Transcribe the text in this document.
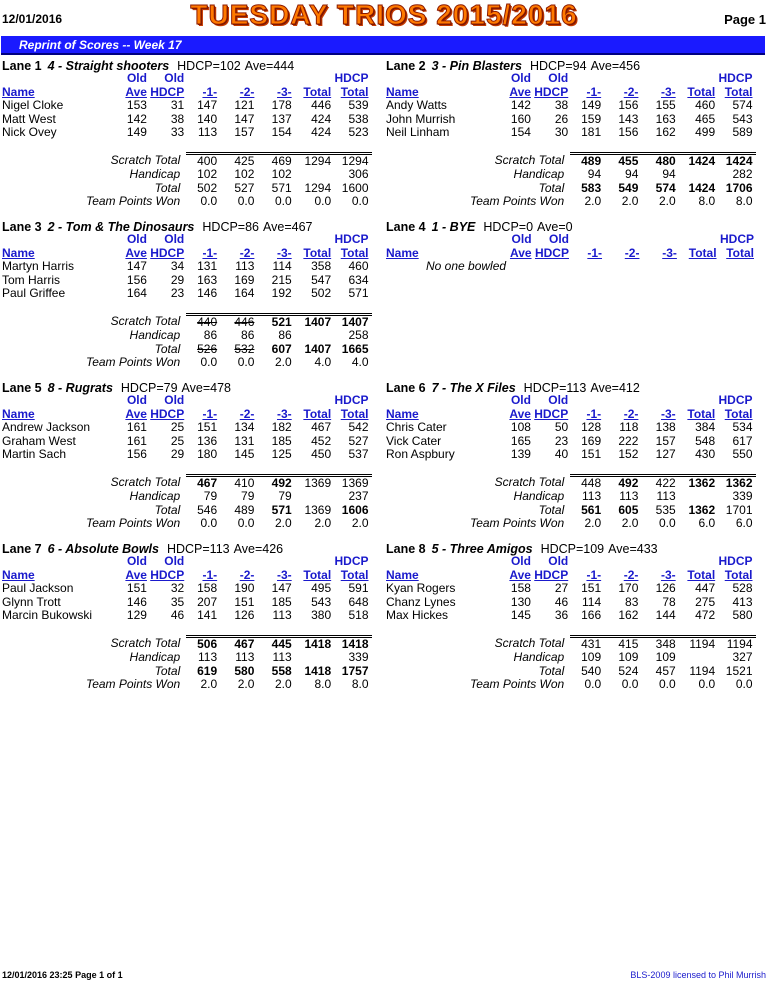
12/01/2016	TUESDAY TRIOS 2015/2016	Page 1
Reprint of Scores -- Week 17
Lane 1 4 - Straight shooters HDCP=102 Ave=444
	Old	Old					HDCP
Name	Ave	HDCP	-1-	-2-	-3-	Total	Total
Nigel Cloke	153	31	147	121	178	446	539
Matt West	142	38	140	147	137	424	538
Nick Ovey	149	33	113	157	154	424	523

Scratch Total			400	425	469	1294	1294
Handicap			102	102	102		306
Total			502	527	571	1294	1600
Team Points Won			0.0	0.0	0.0	0.0	0.0
Lane 2 3 - Pin Blasters HDCP=94 Ave=456
	Old	Old					HDCP
Name	Ave	HDCP	-1-	-2-	-3-	Total	Total
Andy Watts	142	38	149	156	155	460	574
John Murrish	160	26	159	143	163	465	543
Neil Linham	154	30	181	156	162	499	589

Scratch Total			489	455	480	1424	1424
Handicap			94	94	94		282
Total			583	549	574	1424	1706
Team Points Won			2.0	2.0	2.0	8.0	8.0
Lane 3 2 - Tom & The Dinosaurs HDCP=86 Ave=467
	Old	Old					HDCP
Name	Ave	HDCP	-1-	-2-	-3-	Total	Total
Martyn Harris	147	34	131	113	114	358	460
Tom Harris	156	29	163	169	215	547	634
Paul Griffee	164	23	146	164	192	502	571

Scratch Total			440	446	521	1407	1407
Handicap			86	86	86		258
Total			526	532	607	1407	1665
Team Points Won			0.0	0.0	2.0	4.0	4.0
Lane 4 1 - BYE HDCP=0 Ave=0
	Old	Old					HDCP
Name	Ave	HDCP	-1-	-2-	-3-	Total	Total
No one bowled							
Lane 5 8 - Rugrats HDCP=79 Ave=478
	Old	Old					HDCP
Name	Ave	HDCP	-1-	-2-	-3-	Total	Total
Andrew Jackson	161	25	151	134	182	467	542
Graham West	161	25	136	131	185	452	527
Martin Sach	156	29	180	145	125	450	537

Scratch Total			467	410	492	1369	1369
Handicap			79	79	79		237
Total			546	489	571	1369	1606
Team Points Won			0.0	0.0	2.0	2.0	2.0
Lane 6 7 - The X Files HDCP=113 Ave=412
	Old	Old					HDCP
Name	Ave	HDCP	-1-	-2-	-3-	Total	Total
Chris Cater	108	50	128	118	138	384	534
Vick Cater	165	23	169	222	157	548	617
Ron Aspbury	139	40	151	152	127	430	550

Scratch Total			448	492	422	1362	1362
Handicap			113	113	113		339
Total			561	605	535	1362	1701
Team Points Won			2.0	2.0	0.0	6.0	6.0
Lane 7 6 - Absolute Bowls HDCP=113 Ave=426
	Old	Old					HDCP
Name	Ave	HDCP	-1-	-2-	-3-	Total	Total
Paul Jackson	151	32	158	190	147	495	591
Glynn Trott	146	35	207	151	185	543	648
Marcin Bukowski	129	46	141	126	113	380	518

Scratch Total			506	467	445	1418	1418
Handicap			113	113	113		339
Total			619	580	558	1418	1757
Team Points Won			2.0	2.0	2.0	8.0	8.0
Lane 8 5 - Three Amigos HDCP=109 Ave=433
	Old	Old					HDCP
Name	Ave	HDCP	-1-	-2-	-3-	Total	Total
Kyan Rogers	158	27	151	170	126	447	528
Chanz Lynes	130	46	114	83	78	275	413
Max Hickes	145	36	166	162	144	472	580

Scratch Total			431	415	348	1194	1194
Handicap			109	109	109		327
Total			540	524	457	1194	1521
Team Points Won			0.0	0.0	0.0	0.0	0.0
12/01/2016 23:25 Page 1 of 1	BLS-2009 licensed to Phil Murrish
